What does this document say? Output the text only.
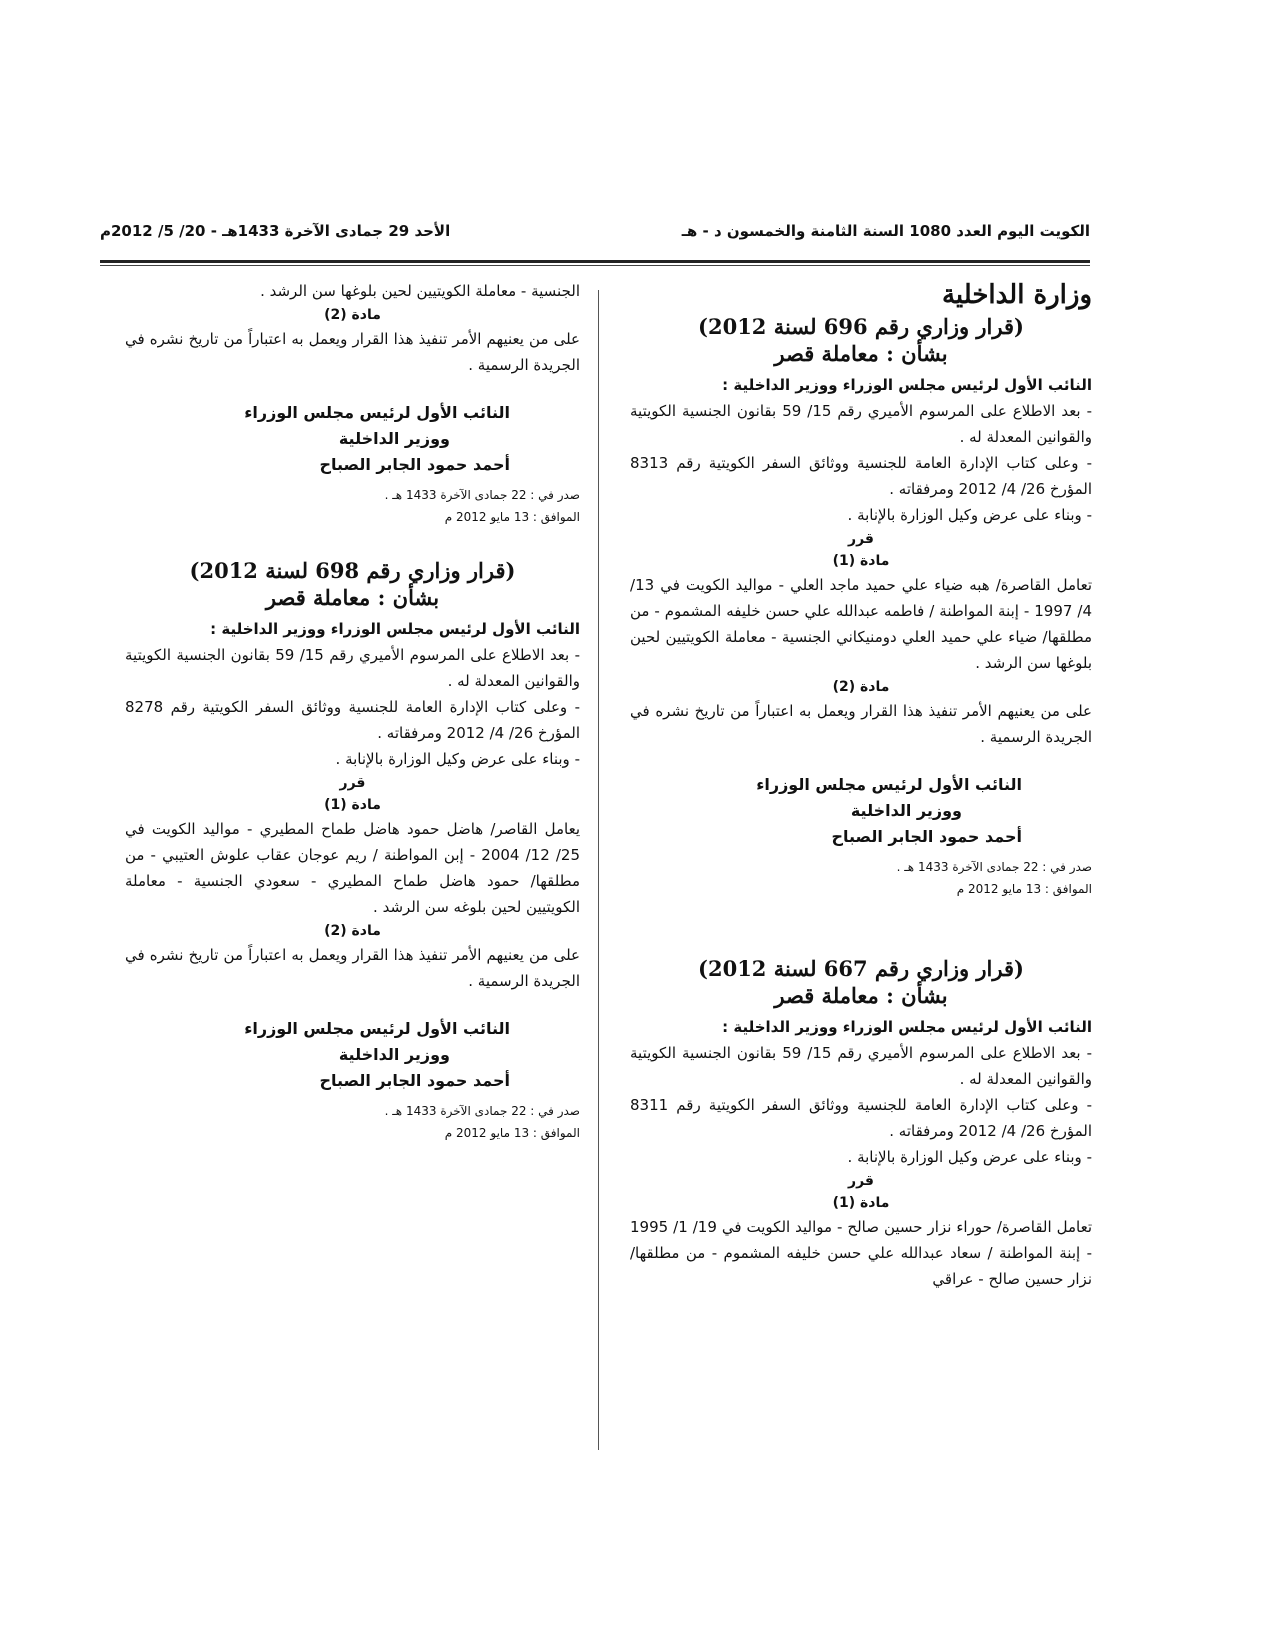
الكويت اليوم العدد 1080 السنة الثامنة والخمسون د - هـ
الأحد 29 جمادى الآخرة 1433هـ - 20/ 5/ 2012م
وزارة الداخلية
(قرار وزاري رقم 696 لسنة 2012)
بشأن : معاملة قصر

النائب الأول لرئيس مجلس الوزراء ووزير الداخلية :

- بعد الاطلاع على المرسوم الأميري رقم 15/ 59 بقانون الجنسية الكويتية والقوانين المعدلة له .

- وعلى كتاب الإدارة العامة للجنسية ووثائق السفر الكويتية رقم 8313 المؤرخ 26/ 4/ 2012 ومرفقاته .

- وبناء على عرض وكيل الوزارة بالإنابة .

قرر

مادة (1)

تعامل القاصرة/ هبه ضياء علي حميد ماجد العلي - مواليد الكويت في 13/ 4/ 1997 - إبنة المواطنة / فاطمه عبدالله علي حسن خليفه المشموم - من مطلقها/ ضياء علي حميد العلي دومنيكاني الجنسية - معاملة الكويتيين لحين بلوغها سن الرشد .

مادة (2)

على من يعنيهم الأمر تنفيذ هذا القرار ويعمل به اعتباراً من تاريخ نشره في الجريدة الرسمية .

النائب الأول لرئيس مجلس الوزراء

ووزير الداخلية

أحمد حمود الجابر الصباح

صدر في : 22 جمادى الآخرة 1433 هـ .

الموافق : 13 مايو 2012 م

(قرار وزاري رقم 667 لسنة 2012)
بشأن : معاملة قصر

النائب الأول لرئيس مجلس الوزراء ووزير الداخلية :

- بعد الاطلاع على المرسوم الأميري رقم 15/ 59 بقانون الجنسية الكويتية والقوانين المعدلة له .

- وعلى كتاب الإدارة العامة للجنسية ووثائق السفر الكويتية رقم 8311 المؤرخ 26/ 4/ 2012 ومرفقاته .

- وبناء على عرض وكيل الوزارة بالإنابة .

قرر

مادة (1)

تعامل القاصرة/ حوراء نزار حسين صالح - مواليد الكويت في 19/ 1/ 1995 - إبنة المواطنة / سعاد عبدالله علي حسن خليفه المشموم - من مطلقها/ نزار حسين صالح - عراقي

الجنسية - معاملة الكويتيين لحين بلوغها سن الرشد .

مادة (2)

على من يعنيهم الأمر تنفيذ هذا القرار ويعمل به اعتباراً من تاريخ نشره في الجريدة الرسمية .

النائب الأول لرئيس مجلس الوزراء

ووزير الداخلية

أحمد حمود الجابر الصباح

صدر في : 22 جمادى الآخرة 1433 هـ .

الموافق : 13 مايو 2012 م

(قرار وزاري رقم 698 لسنة 2012)
بشأن : معاملة قصر

النائب الأول لرئيس مجلس الوزراء ووزير الداخلية :

- بعد الاطلاع على المرسوم الأميري رقم 15/ 59 بقانون الجنسية الكويتية والقوانين المعدلة له .

- وعلى كتاب الإدارة العامة للجنسية ووثائق السفر الكويتية رقم 8278 المؤرخ 26/ 4/ 2012 ومرفقاته .

- وبناء على عرض وكيل الوزارة بالإنابة .

قرر

مادة (1)

يعامل القاصر/ هاضل حمود هاضل طماح المطيري - مواليد الكويت في 25/ 12/ 2004 - إبن المواطنة / ريم عوجان عقاب علوش العتيبي - من مطلقها/ حمود هاضل طماح المطيري - سعودي الجنسية - معاملة الكويتيين لحين بلوغه سن الرشد .

مادة (2)

على من يعنيهم الأمر تنفيذ هذا القرار ويعمل به اعتباراً من تاريخ نشره في الجريدة الرسمية .

النائب الأول لرئيس مجلس الوزراء

ووزير الداخلية

أحمد حمود الجابر الصباح

صدر في : 22 جمادى الآخرة 1433 هـ .

الموافق : 13 مايو 2012 م
